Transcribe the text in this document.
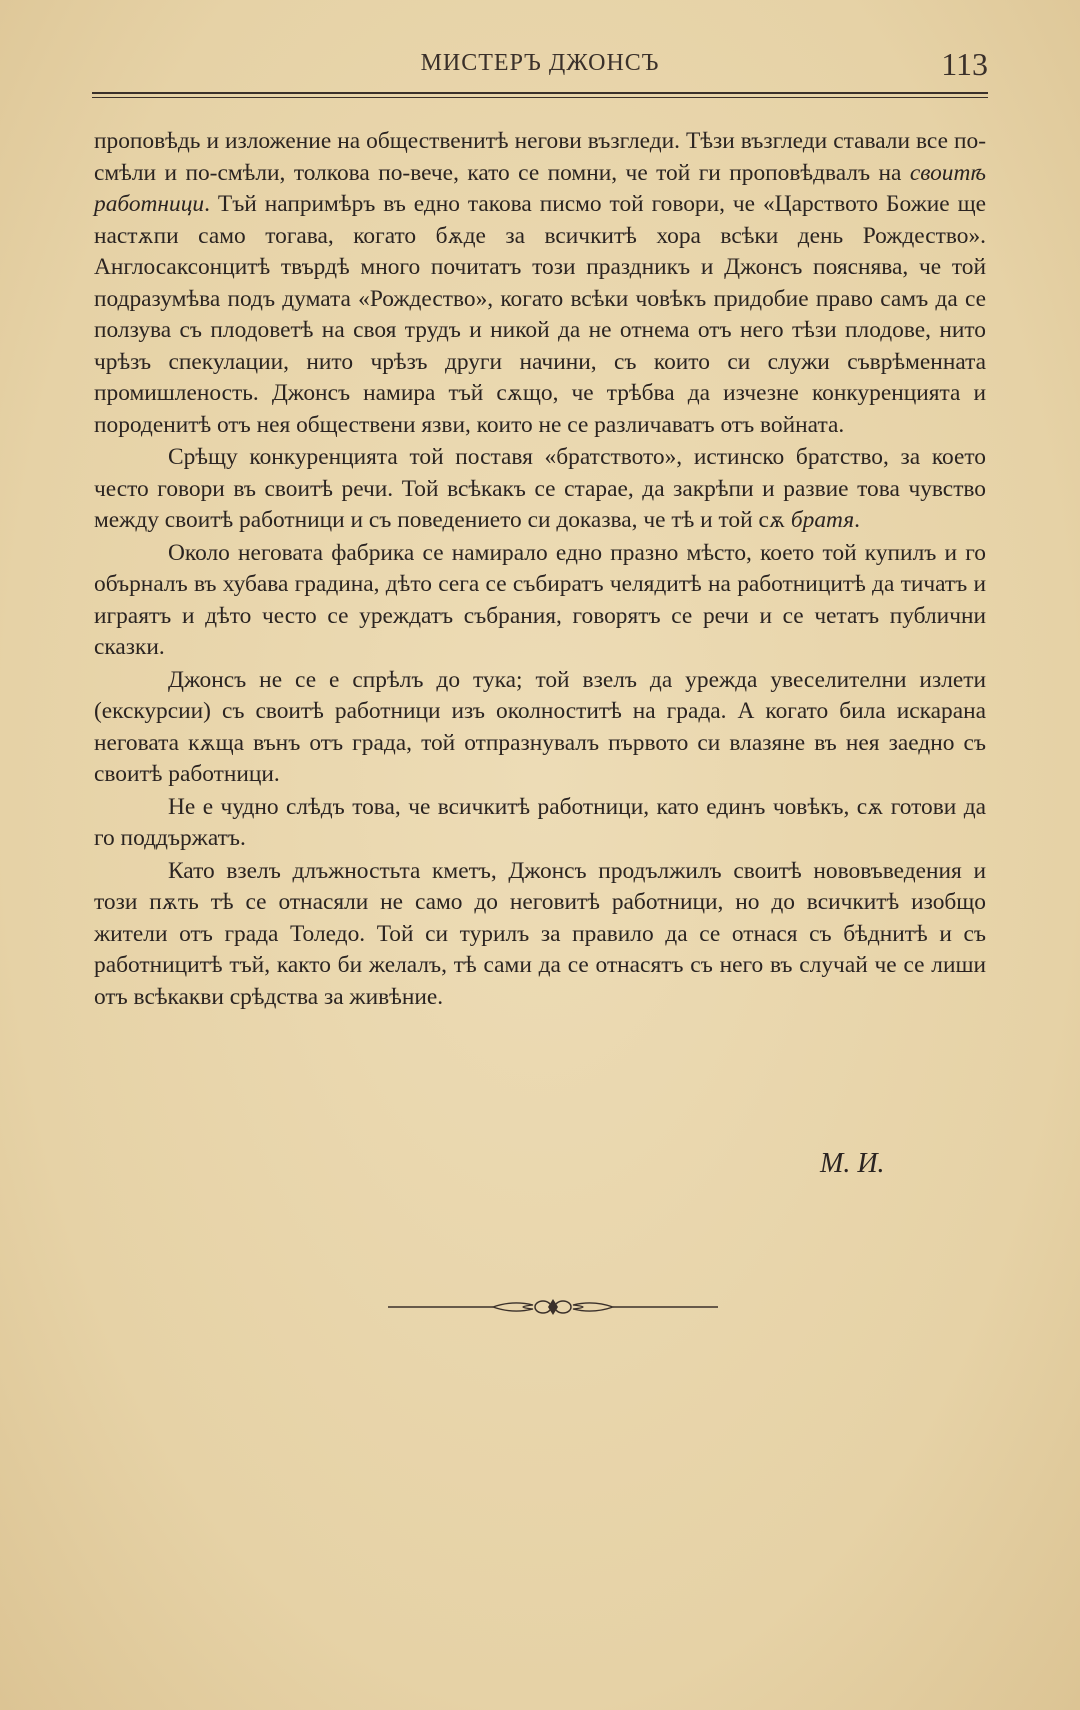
МИСТЕРЪ ДЖОНСЪ	113

проповѣдь и изложение на общественитѣ негови възгледи. Тѣзи възгледи ставали все по-смѣли и по-смѣли, толкова по-вече, като се помни, че той ги проповѣдвалъ на своитѣ работници. Тъй напримѣръ въ едно такова писмо той говори, че «Царството Божие ще настѫпи само тогава, когато бѫде за всичкитѣ хора всѣки день Рождество». Англосаксонцитѣ твърдѣ много почитатъ този праздникъ и Джонсъ пояснява, че той подразумѣва подъ думата «Рождество», когато всѣки човѣкъ придобие право самъ да се ползува съ плодоветѣ на своя трудъ и никой да не отнема отъ него тѣзи плодове, нито чрѣзъ спекулации, нито чрѣзъ други начини, съ които си служи съврѣменната промишленость. Джонсъ намира тъй сѫщо, че трѣбва да изчезне конкуренцията и породенитѣ отъ нея обществени язви, които не се различаватъ отъ войната.

Срѣщу конкуренцията той поставя «братството», истинско братство, за което често говори въ своитѣ речи. Той всѣкакъ се старае, да закрѣпи и развие това чувство между своитѣ работници и съ поведението си доказва, че тѣ и той сѫ братя.

Около неговата фабрика се намирало едно празно мѣсто, което той купилъ и го обърналъ въ хубава градина, дѣто сега се събиратъ челядитѣ на работницитѣ да тичатъ и играятъ и дѣто често се уреждатъ събрания, говорятъ се речи и се четатъ публични сказки.

Джонсъ не се е спрѣлъ до тука; той взелъ да урежда увеселителни излети (екскурсии) съ своитѣ работници изъ околноститѣ на града. А когато била искарана неговата кѫща вънъ отъ града, той отпразнувалъ първото си влазяне въ нея заедно съ своитѣ работници.

Не е чудно слѣдъ това, че всичкитѣ работници, като единъ човѣкъ, сѫ готови да го поддържатъ.

Като взелъ длъжностьта кметъ, Джонсъ продължилъ своитѣ нововъведения и този пѫть тѣ се отнасяли не само до неговитѣ работници, но до всичкитѣ изобщо жители отъ града Толедо. Той си турилъ за правило да се отнася съ бѣднитѣ и съ работницитѣ тъй, както би желалъ, тѣ сами да се отнасятъ съ него въ случай че се лиши отъ всѣкакви срѣдства за живѣние.

М. И.
